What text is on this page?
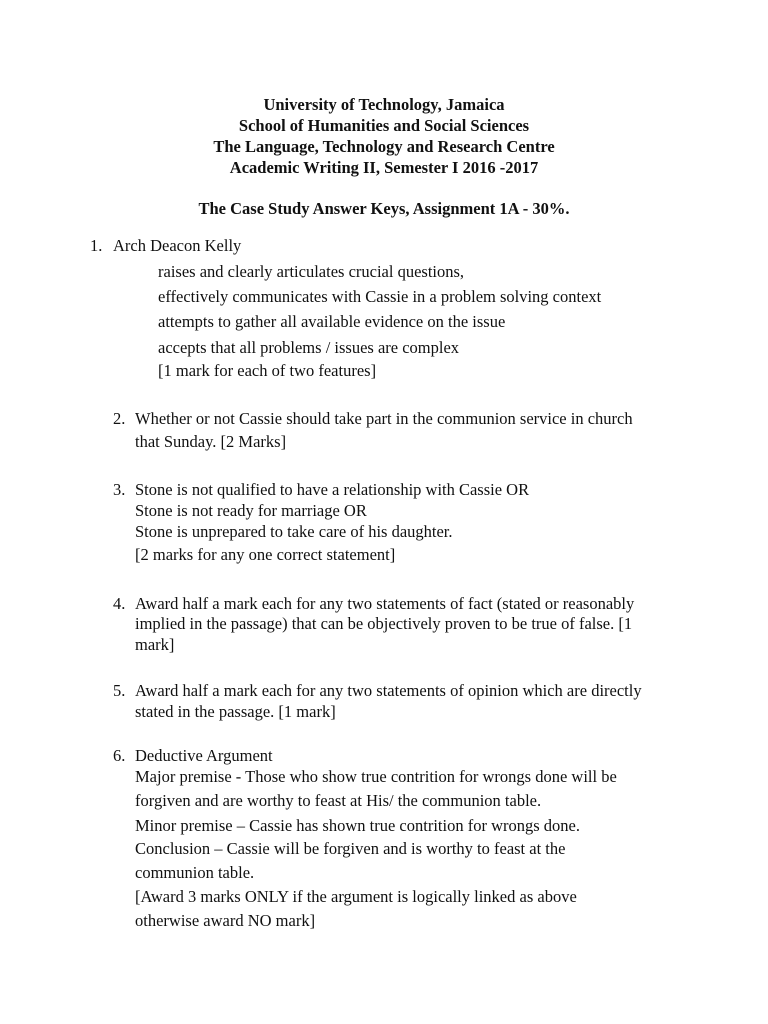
University of Technology, Jamaica
School of Humanities and Social Sciences
The Language, Technology and Research Centre
Academic Writing II, Semester I 2016 -2017
The Case Study Answer Keys, Assignment 1A - 30%.
1. Arch Deacon Kelly
raises and clearly articulates crucial questions,
effectively communicates with Cassie in a problem solving context
attempts to gather all available evidence on the issue
accepts that all problems / issues are complex
[1 mark for each of two features]
2. Whether or not Cassie should take part in the communion service in church
that Sunday. [2 Marks]
3. Stone is not qualified to have a relationship with Cassie OR
Stone is not ready for marriage OR
Stone is unprepared to take care of his daughter.
[2 marks for any one correct statement]
4. Award half a mark each for any two statements of fact (stated or reasonably
implied in the passage) that can be objectively proven to be true of false. [1
mark]
5. Award half a mark each for any two statements of opinion which are directly
stated in the passage. [1 mark]
6. Deductive Argument
Major premise - Those who show true contrition for wrongs done will be
forgiven and are worthy to feast at His/ the communion table.
Minor premise – Cassie has shown true contrition for wrongs done.
Conclusion – Cassie will be forgiven and is worthy to feast at the
communion table.
[Award 3 marks ONLY if the argument is logically linked as above
otherwise award NO mark]
